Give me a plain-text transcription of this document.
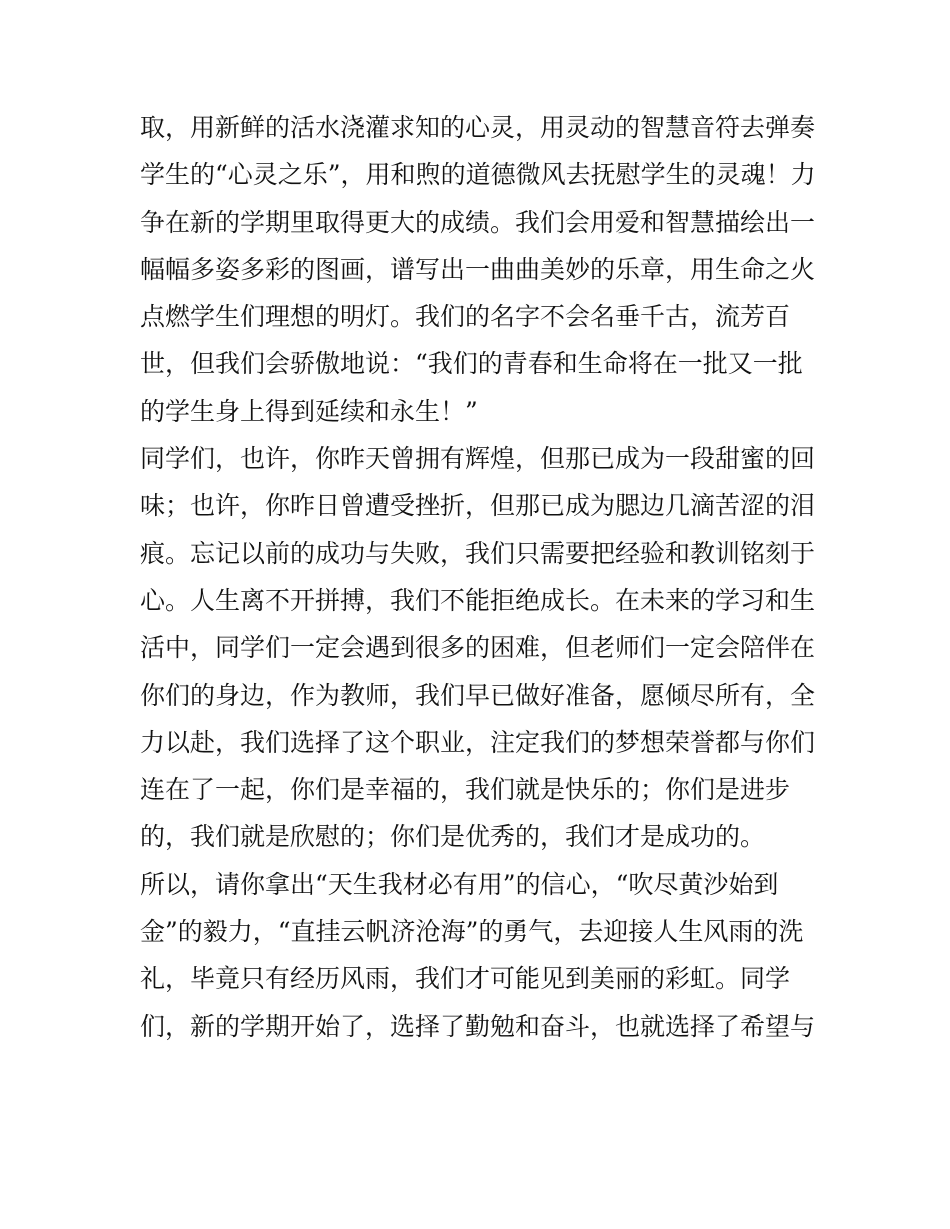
取，用新鲜的活水浇灌求知的心灵，用灵动的智慧音符去弹奏
学生的“心灵之乐”，用和煦的道德微风去抚慰学生的灵魂！力
争在新的学期里取得更大的成绩。我们会用爱和智慧描绘出一
幅幅多姿多彩的图画，谱写出一曲曲美妙的乐章，用生命之火
点燃学生们理想的明灯。我们的名字不会名垂千古，流芳百
世，但我们会骄傲地说：“我们的青春和生命将在一批又一批
的学生身上得到延续和永生！”
同学们，也许，你昨天曾拥有辉煌，但那已成为一段甜蜜的回
味；也许，你昨日曾遭受挫折，但那已成为腮边几滴苦涩的泪
痕。忘记以前的成功与失败，我们只需要把经验和教训铭刻于
心。人生离不开拼搏，我们不能拒绝成长。在未来的学习和生
活中，同学们一定会遇到很多的困难，但老师们一定会陪伴在
你们的身边，作为教师，我们早已做好准备，愿倾尽所有，全
力以赴，我们选择了这个职业，注定我们的梦想荣誉都与你们
连在了一起，你们是幸福的，我们就是快乐的；你们是进步
的，我们就是欣慰的；你们是优秀的，我们才是成功的。
所以，请你拿出“天生我材必有用”的信心，“吹尽黄沙始到
金”的毅力，“直挂云帆济沧海”的勇气，去迎接人生风雨的洗
礼，毕竟只有经历风雨，我们才可能见到美丽的彩虹。同学
们，新的学期开始了，选择了勤勉和奋斗，也就选择了希望与
